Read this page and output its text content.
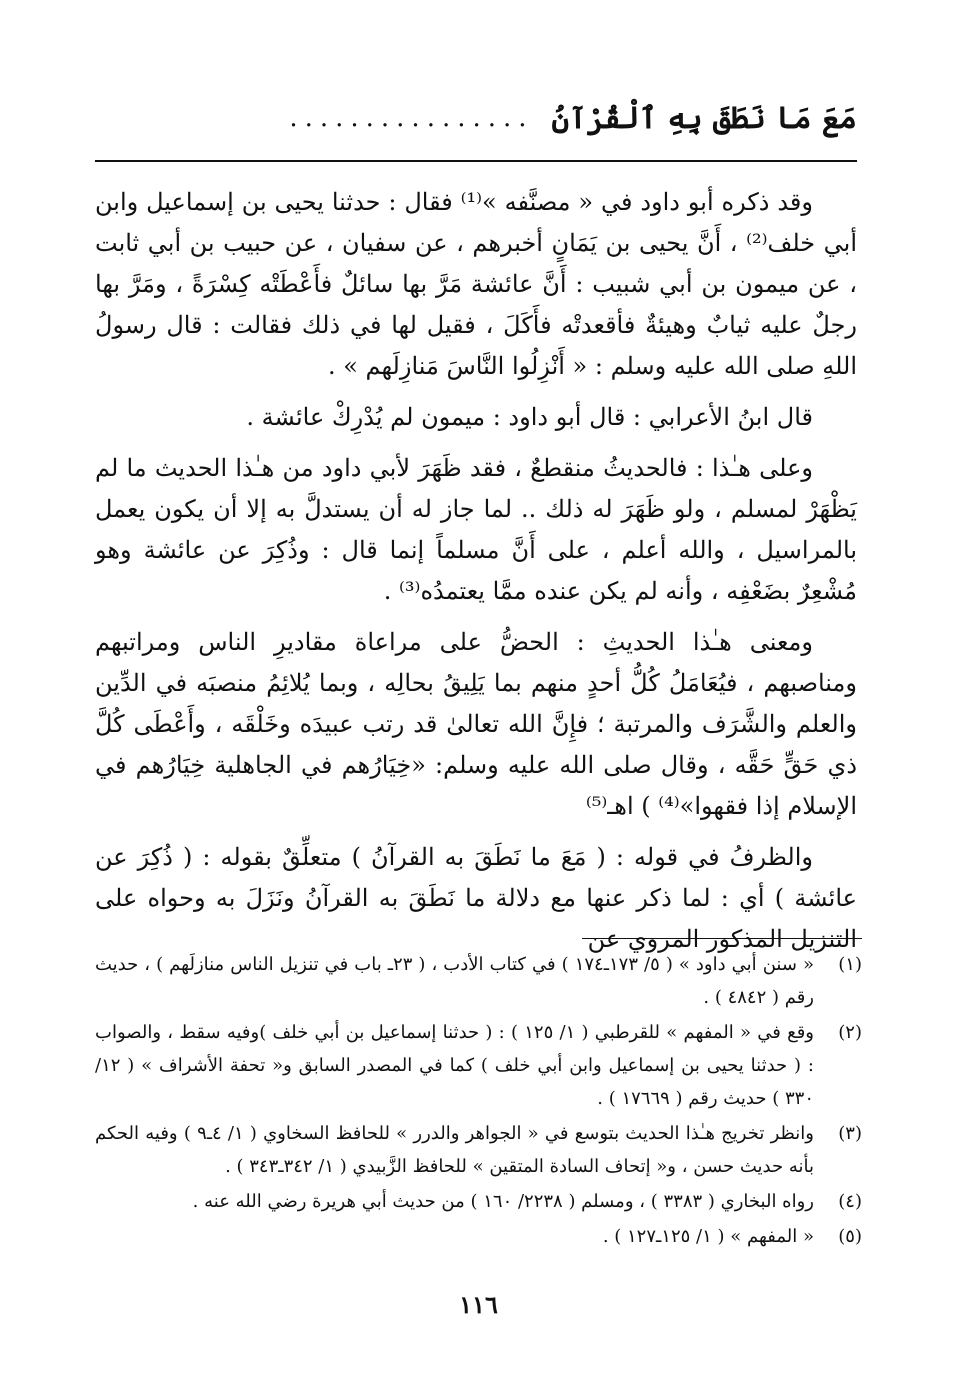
مَعَ مَا نَطَقَ بِهِ ٱلْقُرْآنُ
................

وقد ذكره أبو داود في « مصنَّفه »⁽¹⁾ فقال : حدثنا يحيى بن إسماعيل وابن أبي خلف⁽²⁾ ، أَنَّ يحيى بن يَمَانٍ أخبرهم ، عن سفيان ، عن حبيب بن أبي ثابت ، عن ميمون بن أبي شبيب : أَنَّ عائشة مَرَّ بها سائلٌ فأَعْطَتْه كِسْرَةً ، ومَرَّ بها رجلٌ عليه ثيابٌ وهيئةٌ فأقعدتْه فأَكَلَ ، فقيل لها في ذلك فقالت : قال رسولُ اللهِ صلى الله عليه وسلم : « أَنْزِلُوا النَّاسَ مَنازِلَهم » .

قال ابنُ الأعرابي : قال أبو داود : ميمون لم يُدْرِكْ عائشة .

وعلى هـٰذا : فالحديثُ منقطعٌ ، فقد ظَهَرَ لأبي داود من هـٰذا الحديث ما لم يَظْهَرْ لمسلم ، ولو ظَهَرَ له ذلك .. لما جاز له أن يستدلَّ به إلا أن يكون يعمل بالمراسيل ، والله أعلم ، على أَنَّ مسلماً إنما قال : وذُكِرَ عن عائشة وهو مُشْعِرٌ بضَعْفِه ، وأنه لم يكن عنده ممَّا يعتمدُه⁽³⁾ .

ومعنى هـٰذا الحديثِ : الحضُّ على مراعاة مقاديرِ الناس ومراتبهم ومناصبهم ، فيُعَامَلُ كُلُّ أحدٍ منهم بما يَلِيقُ بحالِه ، وبما يُلائِمُ منصبَه في الدِّين والعلم والشَّرَف والمرتبة ؛ فإِنَّ الله تعالىٰ قد رتب عبيدَه وخَلْقَه ، وأَعْطَى كُلَّ ذي حَقٍّ حَقَّه ، وقال صلى الله عليه وسلم: «خِيَارُهم في الجاهلية خِيَارُهم في الإسلام إذا فقهوا»⁽⁴⁾ ) اهـ⁽⁵⁾

والظرفُ في قوله : ( مَعَ ما نَطَقَ به القرآنُ ) متعلِّقٌ بقوله : ( ذُكِرَ عن عائشة ) أي : لما ذكر عنها مع دلالة ما نَطَقَ به القرآنُ ونَزَلَ به وحواه على التنزيل المذكور المروي عن

(١)
« سنن أبي داود » ( ٥/ ١٧٣ـ١٧٤ ) في كتاب الأدب ، ( ٢٣ـ باب في تنزيل الناس منازلَهم ) ، حديث رقم ( ٤٨٤٢ ) .
(٢)
وقع في « المفهم » للقرطبي ( ١/ ١٢٥ ) : ( حدثنا إسماعيل بن أبي خلف )وفيه سقط ، والصواب : ( حدثنا يحيى بن إسماعيل وابن أبي خلف ) كما في المصدر السابق و« تحفة الأشراف » ( ١٢/ ٣٣٠ ) حديث رقم ( ١٧٦٦٩ ) .
(٣)
وانظر تخريج هـٰذا الحديث بتوسع في « الجواهر والدرر » للحافظ السخاوي ( ١/ ٤ـ٩ ) وفيه الحكم بأنه حديث حسن ، و« إتحاف السادة المتقين » للحافظ الزَّبيدي ( ١/ ٣٤٢ـ٣٤٣ ) .
(٤)
رواه البخاري ( ٣٣٨٣ ) ، ومسلم ( ٢٢٣٨/ ١٦٠ ) من حديث أبي هريرة رضي الله عنه .
(٥)
« المفهم » ( ١/ ١٢٥ـ١٢٧ ) .
١١٦
